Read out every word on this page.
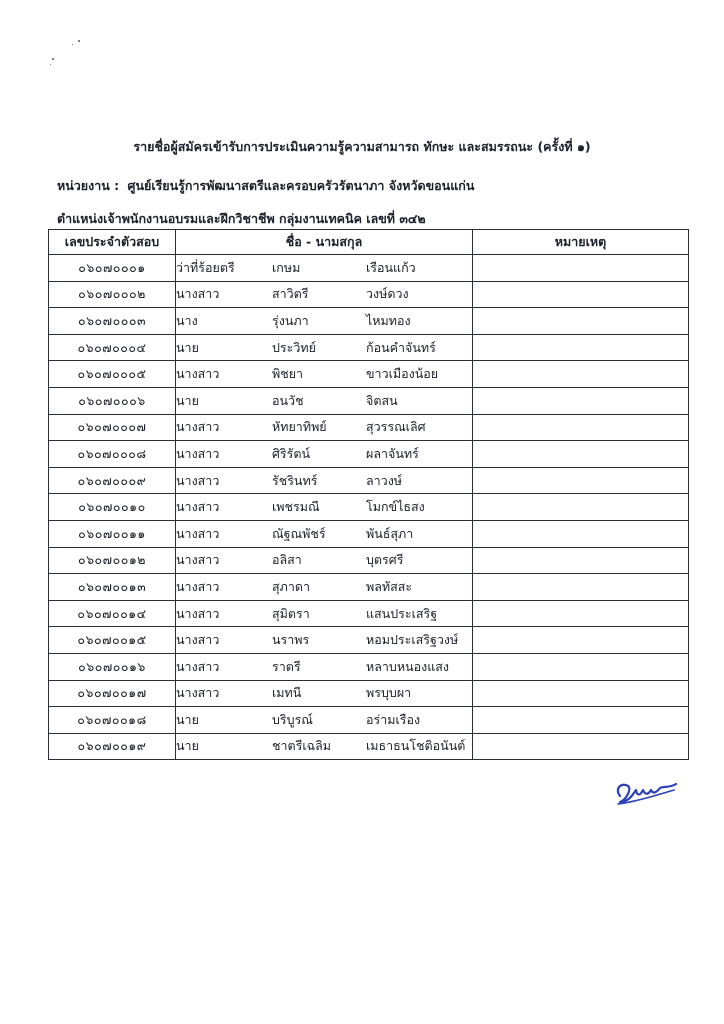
รายชื่อผู้สมัครเข้ารับการประเมินความรู้ความสามารถ ทักษะ และสมรรถนะ (ครั้งที่ ๑)
หน่วยงาน : ศูนย์เรียนรู้การพัฒนาสตรีและครอบครัวรัตนาภา จังหวัดขอนแก่น
ตำแหน่งเจ้าพนักงานอบรมและฝึกวิชาชีพ กลุ่มงานเทคนิค เลขที่ ๓๔๒
เลขประจำตัวสอบ	ชื่อ - นามสกุล	หมายเหตุ
๐๖๐๗๐๐๐๑	ว่าที่ร้อยตรี เกษม เรือนแก้ว	
๐๖๐๗๐๐๐๒	นางสาว สาวิตรี วงษ์ดวง	
๐๖๐๗๐๐๐๓	นาง รุ่งนภา ไหมทอง	
๐๖๐๗๐๐๐๔	นาย ประวิทย์ ก้อนคำจันทร์	
๐๖๐๗๐๐๐๕	นางสาว พิชยา ขาวเมืองน้อย	
๐๖๐๗๐๐๐๖	นาย อนวัช จิตสน	
๐๖๐๗๐๐๐๗	นางสาว หัทยาทิพย์ สุวรรณเลิศ	
๐๖๐๗๐๐๐๘	นางสาว ศิริรัตน์ ผลาจันทร์	
๐๖๐๗๐๐๐๙	นางสาว รัชรินทร์ ลาวงษ์	
๐๖๐๗๐๐๑๐	นางสาว เพชรมณี โมกข์ไธสง	
๐๖๐๗๐๐๑๑	นางสาว ณัฐณพัชร์ พันธ์สุภา	
๐๖๐๗๐๐๑๒	นางสาว อลิสา บุตรศรี	
๐๖๐๗๐๐๑๓	นางสาว สุภาดา พลทัสสะ	
๐๖๐๗๐๐๑๔	นางสาว สุมิตรา แสนประเสริฐ	
๐๖๐๗๐๐๑๕	นางสาว นราพร หอมประเสริฐวงษ์	
๐๖๐๗๐๐๑๖	นางสาว ราตรี หลาบหนองแสง	
๐๖๐๗๐๐๑๗	นางสาว เมทนี พรบุบผา	
๐๖๐๗๐๐๑๘	นาย บริบูรณ์ อร่ามเรือง	
๐๖๐๗๐๐๑๙	นาย ชาตรีเฉลิม เมธาธนโชติอนันต์	
